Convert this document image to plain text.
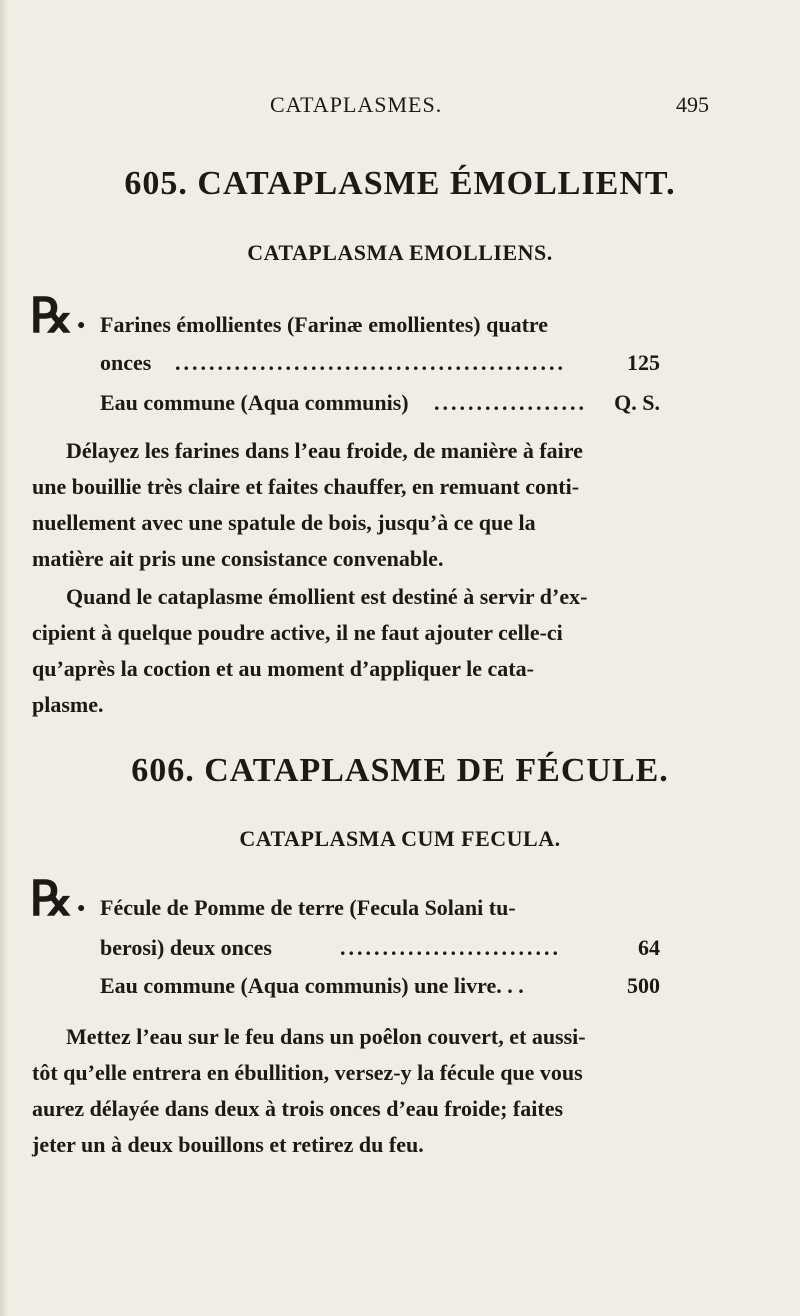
CATAPLASMES.	495
605. CATAPLASME ÉMOLLIENT.
CATAPLASMA EMOLLIENS.
℞ ● Farines émollientes (Farinæ emollientes) quatre
onces ..............................................	125
Eau commune (Aqua communis) ..................	Q. S.
Délayez les farines dans l’eau froide, de manière à faire
une bouillie très claire et faites chauffer, en remuant conti-
nuellement avec une spatule de bois, jusqu’à ce que la
matière ait pris une consistance convenable.
Quand le cataplasme émollient est destiné à servir d’ex-
cipient à quelque poudre active, il ne faut ajouter celle-ci
qu’après la coction et au moment d’appliquer le cata-
plasme.
606. CATAPLASME DE FÉCULE.
CATAPLASMA CUM FECULA.
℞ ● Fécule de Pomme de terre (Fecula Solani tu-
berosi) deux onces	..........................	64
Eau commune (Aqua communis) une livre. . .	500
Mettez l’eau sur le feu dans un poêlon couvert, et aussi-
tôt qu’elle entrera en ébullition, versez-y la fécule que vous
aurez délayée dans deux à trois onces d’eau froide; faites
jeter un à deux bouillons et retirez du feu.
